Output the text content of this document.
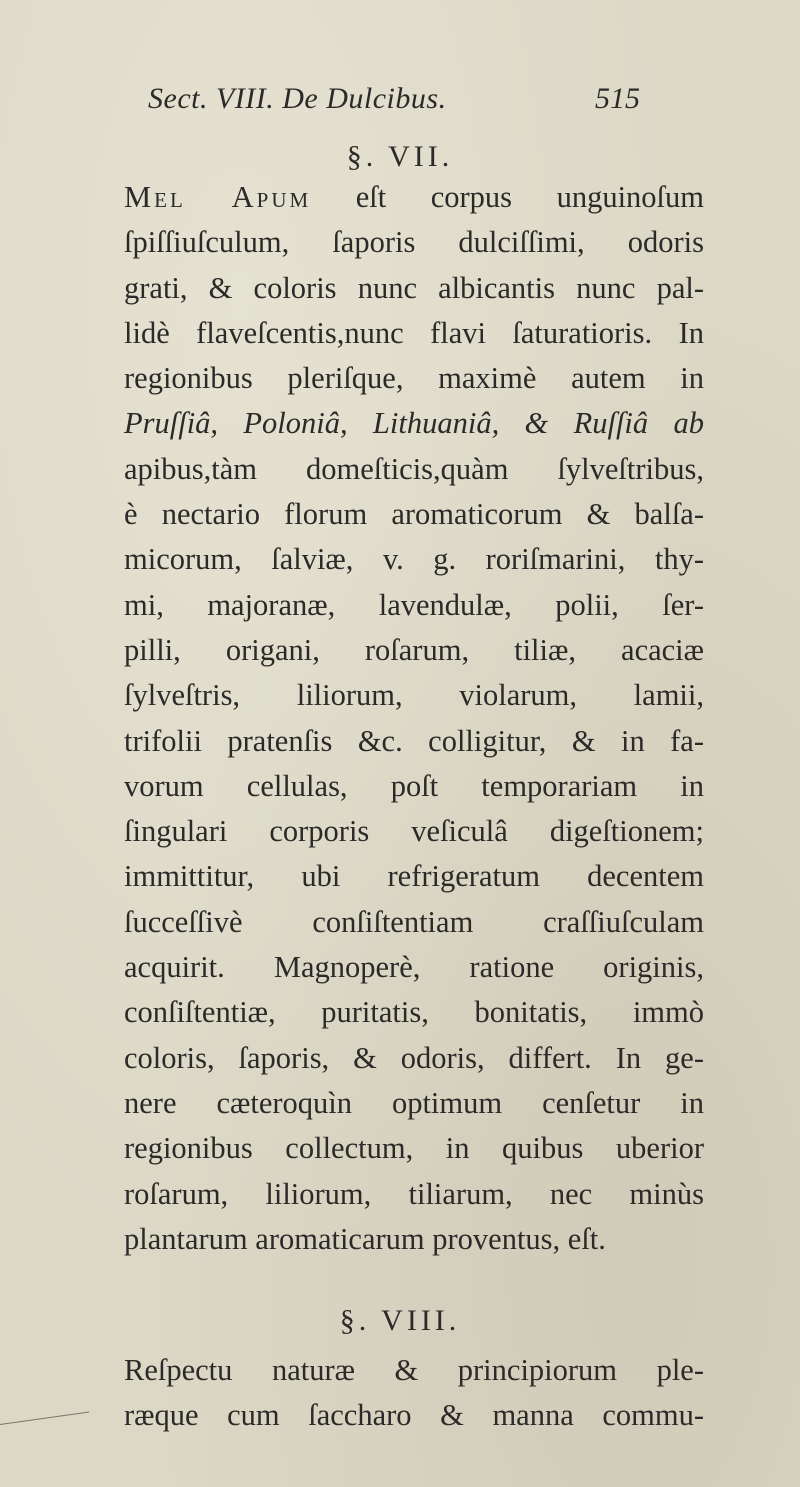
Sect. VIII. De Dulcibus.	515
§. VII.
Mel Apum eſt corpus unguinoſum
ſpiſſiuſculum, ſaporis dulciſſimi, odoris
grati, & coloris nunc albicantis nunc pal-
lidè flaveſcentis,nunc flavi ſaturatioris. In
regionibus pleriſque, maximè autem in
Pruſſiâ, Poloniâ, Lithuaniâ, & Ruſſiâ ab
apibus,tàm domeſticis,quàm ſylveſtribus,
è nectario florum aromaticorum & balſa-
micorum, ſalviæ, v. g. roriſmarini, thy-
mi, majoranæ, lavendulæ, polii, ſer-
pilli, origani, roſarum, tiliæ, acaciæ
ſylveſtris, liliorum, violarum, lamii,
trifolii pratenſis &c. colligitur, & in fa-
vorum cellulas, poſt temporariam in
ſingulari corporis veſiculâ digeſtionem;
immittitur, ubi refrigeratum decentem
ſucceſſivè conſiſtentiam craſſiuſculam
acquirit. Magnoperè, ratione originis,
conſiſtentiæ, puritatis, bonitatis, immò
coloris, ſaporis, & odoris, differt. In ge-
nere cæteroquìn optimum cenſetur in
regionibus collectum, in quibus uberior
roſarum, liliorum, tiliarum, nec minùs
plantarum aromaticarum proventus, eſt.
§. VIII.
Reſpectu naturæ & principiorum ple-
ræque cum ſaccharo & manna commu-
